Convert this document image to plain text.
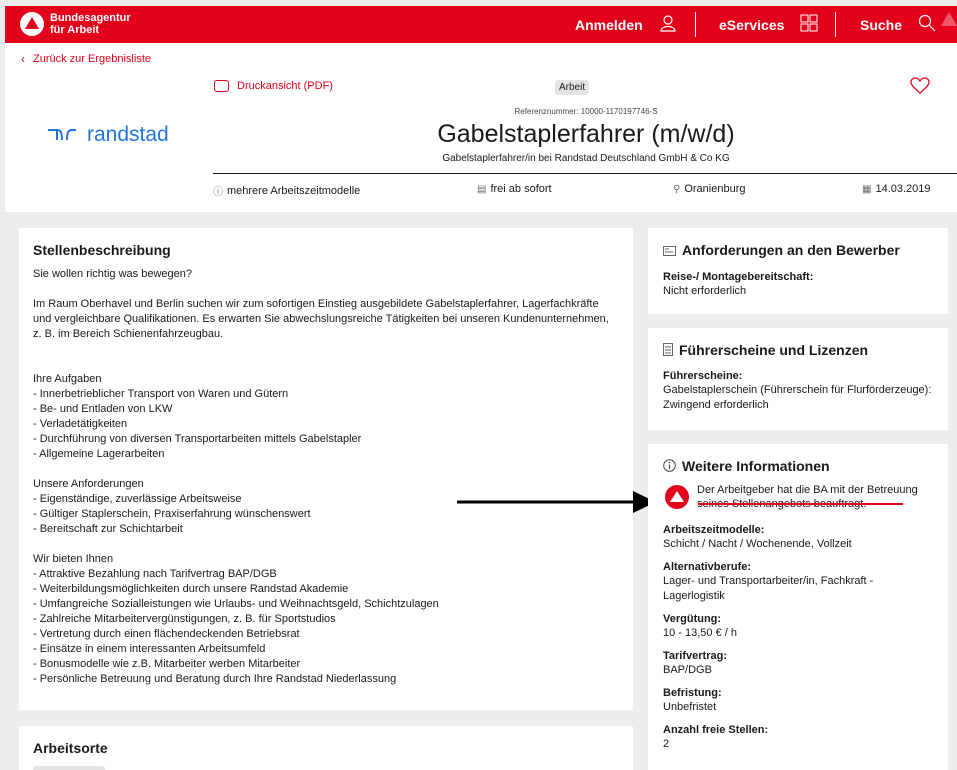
Bundesagentur
für Arbeit	Anmelden	eServices	Suche
‹ Zurück zur Ergebnisliste
Druckansicht (PDF)	Arbeit
randstad
Referenznummer: 10000-1170197746-S
Gabelstaplerfahrer (m/w/d)
Gabelstaplerfahrer/in bei Randstad Deutschland GmbH & Co KG
ⓘ mehrere Arbeitszeitmodelle	▤ frei ab sofort	⚲ Oranienburg	▦ 14.03.2019
Stellenbeschreibung
Sie wollen richtig was bewegen?
Im Raum Oberhavel und Berlin suchen wir zum sofortigen Einstieg ausgebildete Gabelstaplerfahrer, Lagerfachkräfte und vergleichbare Qualifikationen. Es erwarten Sie abwechslungsreiche Tätigkeiten bei unseren Kundenunternehmen, z. B. im Bereich Schienenfahrzeugbau.
Ihre Aufgaben
- Innerbetrieblicher Transport von Waren und Gütern
- Be- und Entladen von LKW
- Verladetätigkeiten
- Durchführung von diversen Transportarbeiten mittels Gabelstapler
- Allgemeine Lagerarbeiten
Unsere Anforderungen
- Eigenständige, zuverlässige Arbeitsweise
- Gültiger Staplerschein, Praxiserfahrung wünschenswert
- Bereitschaft zur Schichtarbeit
Wir bieten Ihnen
- Attraktive Bezahlung nach Tarifvertrag BAP/DGB
- Weiterbildungsmöglichkeiten durch unsere Randstad Akademie
- Umfangreiche Sozialleistungen wie Urlaubs- und Weihnachtsgeld, Schichtzulagen
- Zahlreiche Mitarbeitervergünstigungen, z. B. für Sportstudios
- Vertretung durch einen flächendeckenden Betriebsrat
- Einsätze in einem interessanten Arbeitsumfeld
- Bonusmodelle wie z.B. Mitarbeiter werben Mitarbeiter
- Persönliche Betreuung und Beratung durch Ihre Randstad Niederlassung
Arbeitsorte
Anforderungen an den Bewerber
Reise-/ Montagebereitschaft:
Nicht erforderlich
Führerscheine und Lizenzen
Führerscheine:
Gabelstaplerschein (Führerschein für Flurförderzeuge): Zwingend erforderlich
Weitere Informationen
Der Arbeitgeber hat die BA mit der Betreuung
Arbeitszeitmodelle:
Schicht / Nacht / Wochenende, Vollzeit
Alternativberufe:
Lager- und Transportarbeiter/in, Fachkraft - Lagerlogistik
Vergütung:
10 - 13,50 € / h
Tarifvertrag:
BAP/DGB
Befristung:
Unbefristet
Anzahl freie Stellen:
2
